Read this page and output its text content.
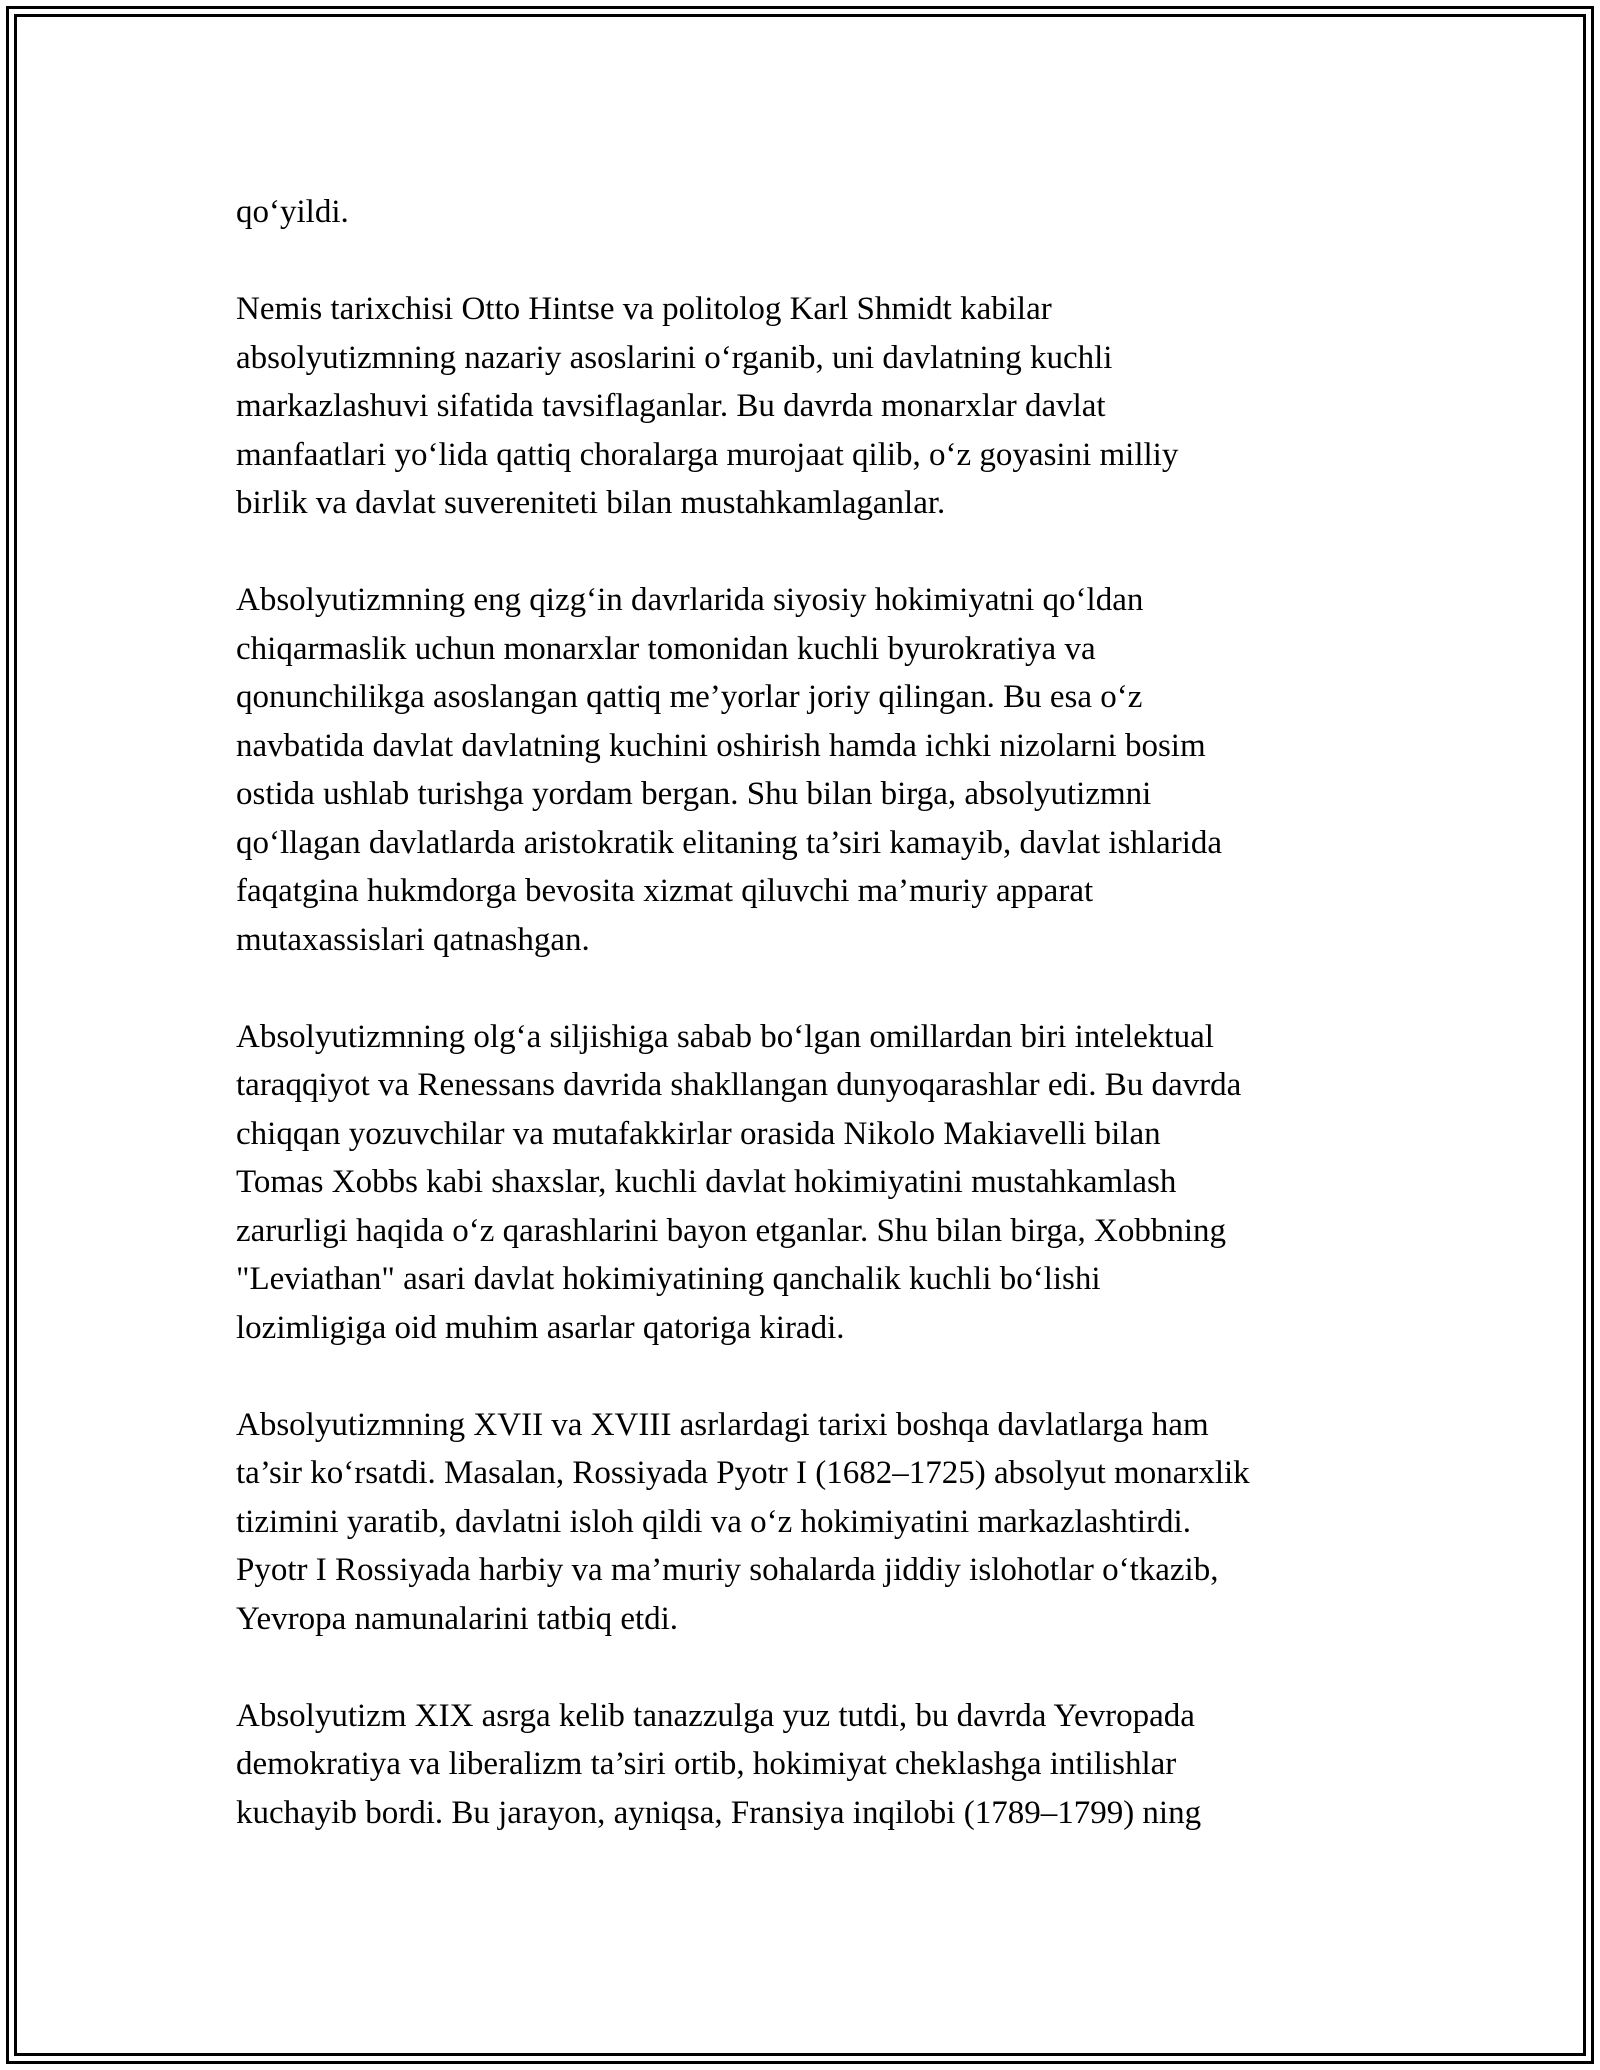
qo‘yildi.
Nemis tarixchisi Otto Hintse va politolog Karl Shmidt kabilar
absolyutizmning nazariy asoslarini o‘rganib, uni davlatning kuchli
markazlashuvi sifatida tavsiflaganlar. Bu davrda monarxlar davlat
manfaatlari yo‘lida qattiq choralarga murojaat qilib, o‘z goyasini milliy
birlik va davlat suvereniteti bilan mustahkamlaganlar.
Absolyutizmning eng qizg‘in davrlarida siyosiy hokimiyatni qo‘ldan
chiqarmaslik uchun monarxlar tomonidan kuchli byurokratiya va
qonunchilikga asoslangan qattiq me’yorlar joriy qilingan. Bu esa o‘z
navbatida davlat davlatning kuchini oshirish hamda ichki nizolarni bosim
ostida ushlab turishga yordam bergan. Shu bilan birga, absolyutizmni
qo‘llagan davlatlarda aristokratik elitaning ta’siri kamayib, davlat ishlarida
faqatgina hukmdorga bevosita xizmat qiluvchi ma’muriy apparat
mutaxassislari qatnashgan.
Absolyutizmning olg‘a siljishiga sabab bo‘lgan omillardan biri intelektual
taraqqiyot va Renessans davrida shakllangan dunyoqarashlar edi. Bu davrda
chiqqan yozuvchilar va mutafakkirlar orasida Nikolo Makiavelli bilan
Tomas Xobbs kabi shaxslar, kuchli davlat hokimiyatini mustahkamlash
zarurligi haqida o‘z qarashlarini bayon etganlar. Shu bilan birga, Xobbning
"Leviathan" asari davlat hokimiyatining qanchalik kuchli bo‘lishi
lozimligiga oid muhim asarlar qatoriga kiradi.
Absolyutizmning XVII va XVIII asrlardagi tarixi boshqa davlatlarga ham
ta’sir ko‘rsatdi. Masalan, Rossiyada Pyotr I (1682–1725) absolyut monarxlik
tizimini yaratib, davlatni isloh qildi va o‘z hokimiyatini markazlashtirdi.
Pyotr I Rossiyada harbiy va ma’muriy sohalarda jiddiy islohotlar o‘tkazib,
Yevropa namunalarini tatbiq etdi.
Absolyutizm XIX asrga kelib tanazzulga yuz tutdi, bu davrda Yevropada
demokratiya va liberalizm ta’siri ortib, hokimiyat cheklashga intilishlar
kuchayib bordi. Bu jarayon, ayniqsa, Fransiya inqilobi (1789–1799) ning
